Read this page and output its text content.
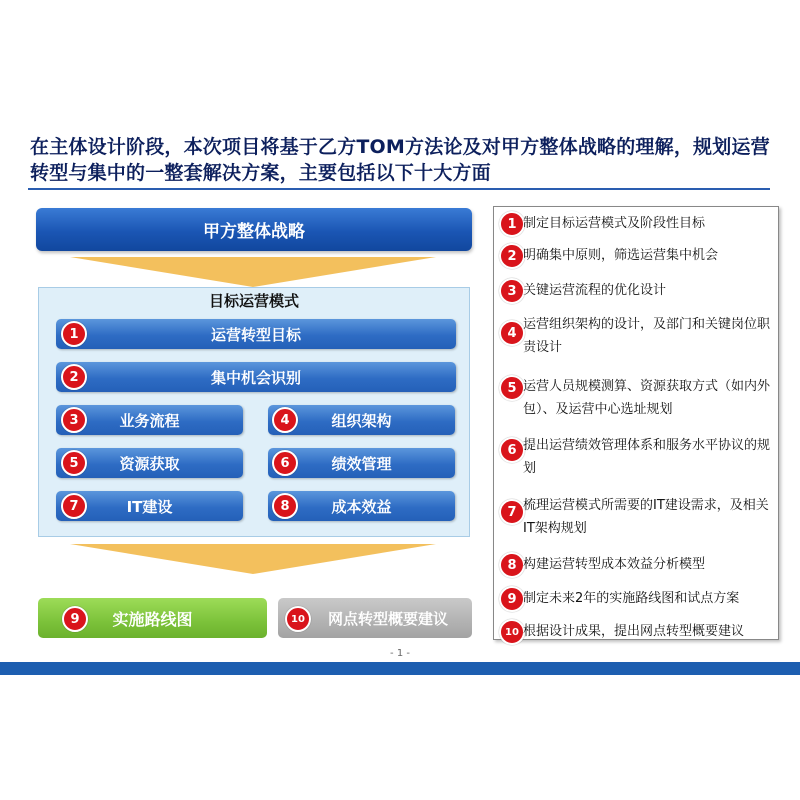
在主体设计阶段，本次项目将基于乙方TOM方法论及对甲方整体战略的理解，规划运营转型与集中的一整套解决方案，主要包括以下十大方面
甲方整体战略
目标运营模式
运营转型目标
1
集中机会识别
2
业务流程
3	组织架构
4
资源获取
5	绩效管理
6
IT建设
7	成本效益
8
实施路线图
9	网点转型概要建议
10
1 制定目标运营模式及阶段性目标
2 明确集中原则，筛选运营集中机会
3 关键运营流程的优化设计
4
运营组织架构的设计，及部门和关键岗位职责设计
5 运营人员规模测算、资源获取方式（如内外包）、及运营中心选址规划
6 提出运营绩效管理体系和服务水平协议的规划
7 梳理运营模式所需要的IT建设需求，及相关IT架构规划
8 构建运营转型成本效益分析模型
9 制定未来2年的实施路线图和试点方案
10 根据设计成果，提出网点转型概要建议
- 1 -
